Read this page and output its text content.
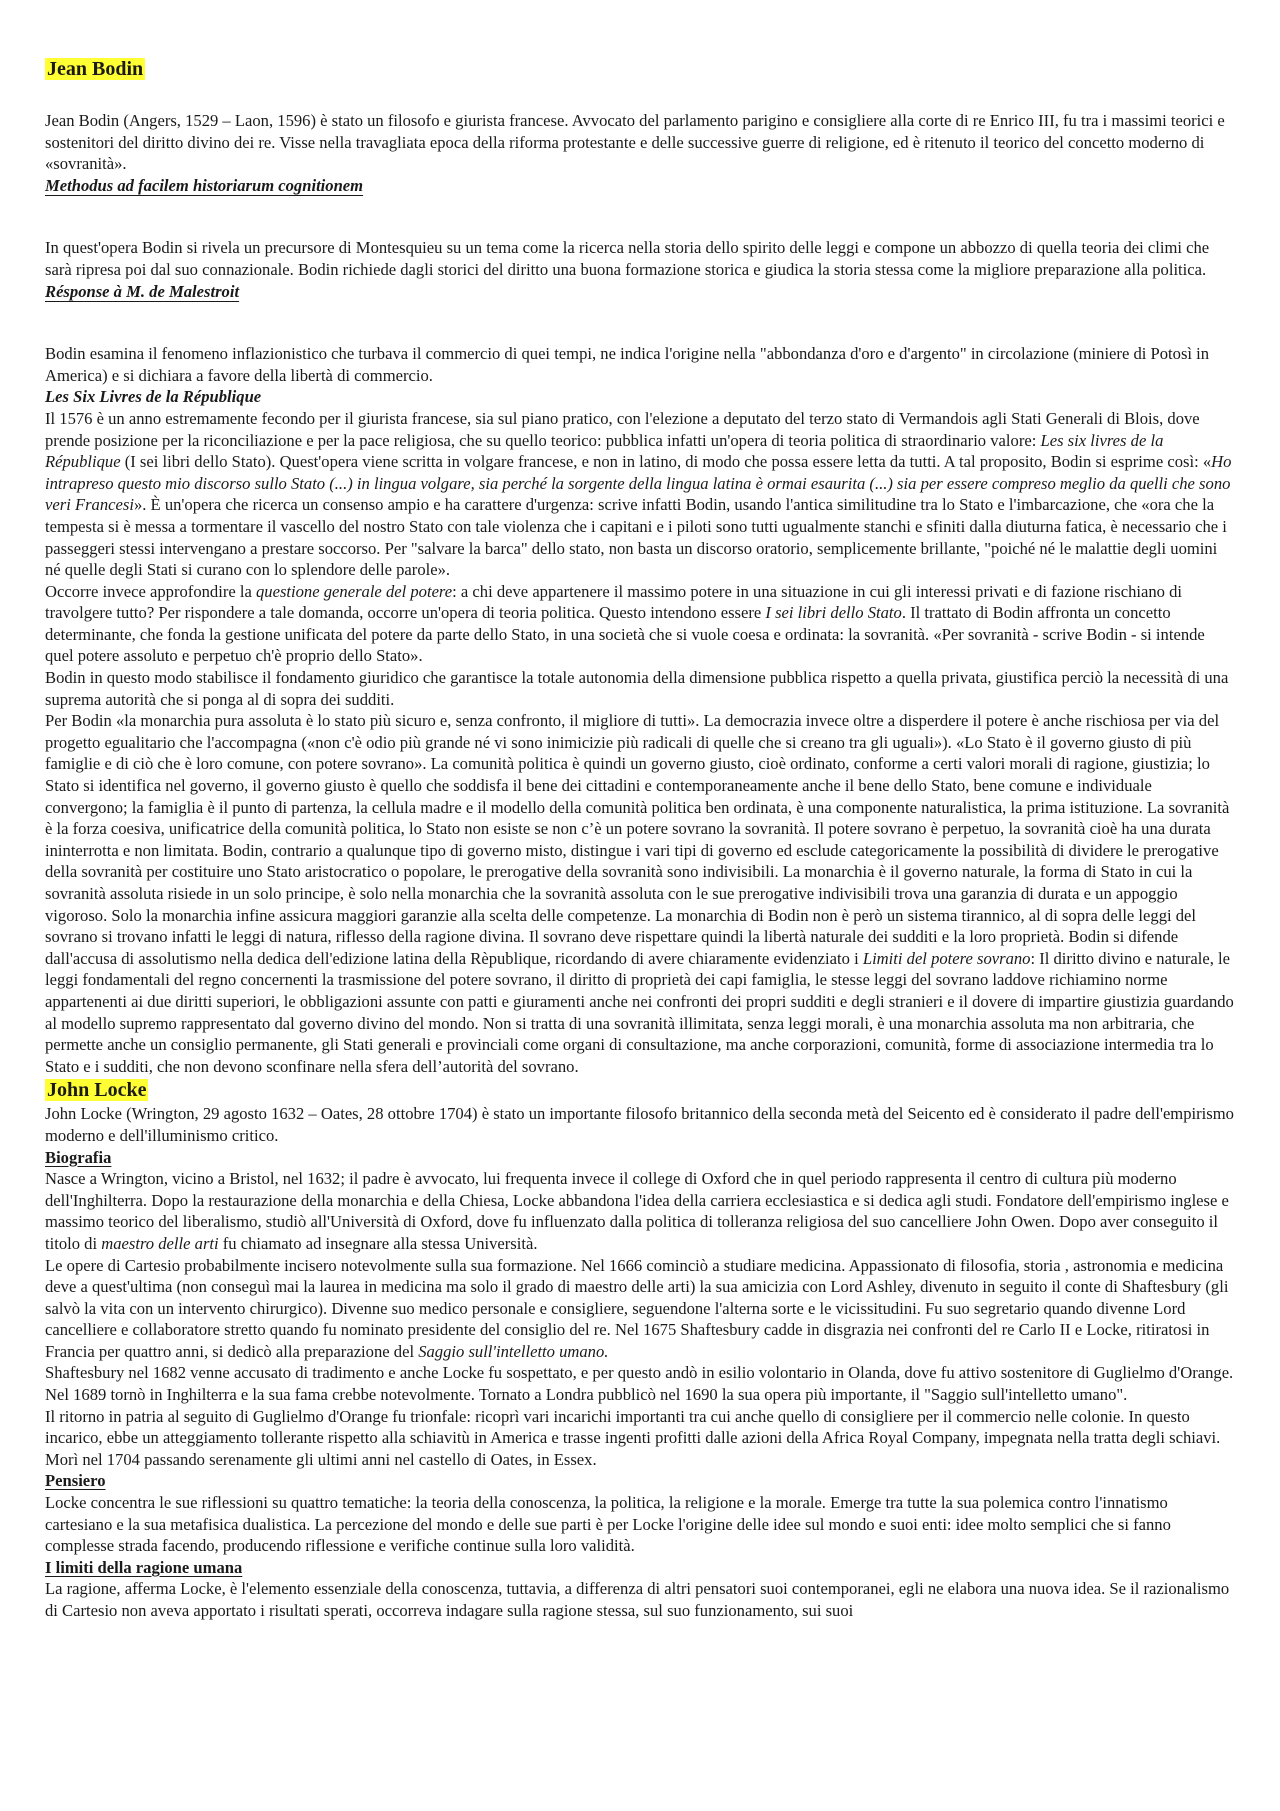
Jean Bodin

Jean Bodin (Angers, 1529 – Laon, 1596) è stato un filosofo e giurista francese. Avvocato del parlamento parigino e consigliere alla corte di re Enrico III, fu tra i massimi teorici e sostenitori del diritto divino dei re. Visse nella travagliata epoca della riforma protestante e delle successive guerre di religione, ed è ritenuto il teorico del concetto moderno di «sovranità».

Methodus ad facilem historiarum cognitionem

In quest'opera Bodin si rivela un precursore di Montesquieu su un tema come la ricerca nella storia dello spirito delle leggi e compone un abbozzo di quella teoria dei climi che sarà ripresa poi dal suo connazionale. Bodin richiede dagli storici del diritto una buona formazione storica e giudica la storia stessa come la migliore preparazione alla politica.

Résponse à M. de Malestroit

Bodin esamina il fenomeno inflazionistico che turbava il commercio di quei tempi, ne indica l'origine nella "abbondanza d'oro e d'argento" in circolazione (miniere di Potosì in America) e si dichiara a favore della libertà di commercio.

Les Six Livres de la République

Il 1576 è un anno estremamente fecondo per il giurista francese, sia sul piano pratico, con l'elezione a deputato del terzo stato di Vermandois agli Stati Generali di Blois, dove prende posizione per la riconciliazione e per la pace religiosa, che su quello teorico: pubblica infatti un'opera di teoria politica di straordinario valore: Les six livres de la République (I sei libri dello Stato). Quest'opera viene scritta in volgare francese, e non in latino, di modo che possa essere letta da tutti. A tal proposito, Bodin si esprime così: «Ho intrapreso questo mio discorso sullo Stato (...) in lingua volgare, sia perché la sorgente della lingua latina è ormai esaurita (...) sia per essere compreso meglio da quelli che sono veri Francesi». È un'opera che ricerca un consenso ampio e ha carattere d'urgenza: scrive infatti Bodin, usando l'antica similitudine tra lo Stato e l'imbarcazione, che «ora che la tempesta si è messa a tormentare il vascello del nostro Stato con tale violenza che i capitani e i piloti sono tutti ugualmente stanchi e sfiniti dalla diuturna fatica, è necessario che i passeggeri stessi intervengano a prestare soccorso. Per "salvare la barca" dello stato, non basta un discorso oratorio, semplicemente brillante, "poiché né le malattie degli uomini né quelle degli Stati si curano con lo splendore delle parole».

Occorre invece approfondire la questione generale del potere: a chi deve appartenere il massimo potere in una situazione in cui gli interessi privati e di fazione rischiano di travolgere tutto? Per rispondere a tale domanda, occorre un'opera di teoria politica. Questo intendono essere I sei libri dello Stato. Il trattato di Bodin affronta un concetto determinante, che fonda la gestione unificata del potere da parte dello Stato, in una società che si vuole coesa e ordinata: la sovranità. «Per sovranità - scrive Bodin - si intende quel potere assoluto e perpetuo ch'è proprio dello Stato».

Bodin in questo modo stabilisce il fondamento giuridico che garantisce la totale autonomia della dimensione pubblica rispetto a quella privata, giustifica perciò la necessità di una suprema autorità che si ponga al di sopra dei sudditi.

Per Bodin «la monarchia pura assoluta è lo stato più sicuro e, senza confronto, il migliore di tutti». La democrazia invece oltre a disperdere il potere è anche rischiosa per via del progetto egualitario che l'accompagna («non c'è odio più grande né vi sono inimicizie più radicali di quelle che si creano tra gli uguali»). «Lo Stato è il governo giusto di più famiglie e di ciò che è loro comune, con potere sovrano». La comunità politica è quindi un governo giusto, cioè ordinato, conforme a certi valori morali di ragione, giustizia; lo Stato si identifica nel governo, il governo giusto è quello che soddisfa il bene dei cittadini e contemporaneamente anche il bene dello Stato, bene comune e individuale convergono; la famiglia è il punto di partenza, la cellula madre e il modello della comunità politica ben ordinata, è una componente naturalistica, la prima istituzione. La sovranità è la forza coesiva, unificatrice della comunità politica, lo Stato non esiste se non c’è un potere sovrano la sovranità. Il potere sovrano è perpetuo, la sovranità cioè ha una durata ininterrotta e non limitata. Bodin, contrario a qualunque tipo di governo misto, distingue i vari tipi di governo ed esclude categoricamente la possibilità di dividere le prerogative della sovranità per costituire uno Stato aristocratico o popolare, le prerogative della sovranità sono indivisibili. La monarchia è il governo naturale, la forma di Stato in cui la sovranità assoluta risiede in un solo principe, è solo nella monarchia che la sovranità assoluta con le sue prerogative indivisibili trova una garanzia di durata e un appoggio vigoroso. Solo la monarchia infine assicura maggiori garanzie alla scelta delle competenze. La monarchia di Bodin non è però un sistema tirannico, al di sopra delle leggi del sovrano si trovano infatti le leggi di natura, riflesso della ragione divina. Il sovrano deve rispettare quindi la libertà naturale dei sudditi e la loro proprietà. Bodin si difende dall'accusa di assolutismo nella dedica dell'edizione latina della Rèpublique, ricordando di avere chiaramente evidenziato i Limiti del potere sovrano: Il diritto divino e naturale, le leggi fondamentali del regno concernenti la trasmissione del potere sovrano, il diritto di proprietà dei capi famiglia, le stesse leggi del sovrano laddove richiamino norme appartenenti ai due diritti superiori, le obbligazioni assunte con patti e giuramenti anche nei confronti dei propri sudditi e degli stranieri e il dovere di impartire giustizia guardando al modello supremo rappresentato dal governo divino del mondo. Non si tratta di una sovranità illimitata, senza leggi morali, è una monarchia assoluta ma non arbitraria, che permette anche un consiglio permanente, gli Stati generali e provinciali come organi di consultazione, ma anche corporazioni, comunità, forme di associazione intermedia tra lo Stato e i sudditi, che non devono sconfinare nella sfera dell’autorità del sovrano.

John Locke

John Locke (Wrington, 29 agosto 1632 – Oates, 28 ottobre 1704) è stato un importante filosofo britannico della seconda metà del Seicento ed è considerato il padre dell'empirismo moderno e dell'illuminismo critico.

Biografia

Nasce a Wrington, vicino a Bristol, nel 1632; il padre è avvocato, lui frequenta invece il college di Oxford che in quel periodo rappresenta il centro di cultura più moderno dell'Inghilterra. Dopo la restaurazione della monarchia e della Chiesa, Locke abbandona l'idea della carriera ecclesiastica e si dedica agli studi. Fondatore dell'empirismo inglese e massimo teorico del liberalismo, studiò all'Università di Oxford, dove fu influenzato dalla politica di tolleranza religiosa del suo cancelliere John Owen. Dopo aver conseguito il titolo di maestro delle arti fu chiamato ad insegnare alla stessa Università.

Le opere di Cartesio probabilmente incisero notevolmente sulla sua formazione. Nel 1666 cominciò a studiare medicina. Appassionato di filosofia, storia , astronomia e medicina deve a quest'ultima (non conseguì mai la laurea in medicina ma solo il grado di maestro delle arti) la sua amicizia con Lord Ashley, divenuto in seguito il conte di Shaftesbury (gli salvò la vita con un intervento chirurgico). Divenne suo medico personale e consigliere, seguendone l'alterna sorte e le vicissitudini. Fu suo segretario quando divenne Lord cancelliere e collaboratore stretto quando fu nominato presidente del consiglio del re. Nel 1675 Shaftesbury cadde in disgrazia nei confronti del re Carlo II e Locke, ritiratosi in Francia per quattro anni, si dedicò alla preparazione del Saggio sull'intelletto umano.

Shaftesbury nel 1682 venne accusato di tradimento e anche Locke fu sospettato, e per questo andò in esilio volontario in Olanda, dove fu attivo sostenitore di Guglielmo d'Orange. Nel 1689 tornò in Inghilterra e la sua fama crebbe notevolmente. Tornato a Londra pubblicò nel 1690 la sua opera più importante, il "Saggio sull'intelletto umano".

Il ritorno in patria al seguito di Guglielmo d'Orange fu trionfale: ricoprì vari incarichi importanti tra cui anche quello di consigliere per il commercio nelle colonie. In questo incarico, ebbe un atteggiamento tollerante rispetto alla schiavitù in America e trasse ingenti profitti dalle azioni della Africa Royal Company, impegnata nella tratta degli schiavi. Morì nel 1704 passando serenamente gli ultimi anni nel castello di Oates, in Essex.

Pensiero

Locke concentra le sue riflessioni su quattro tematiche: la teoria della conoscenza, la politica, la religione e la morale. Emerge tra tutte la sua polemica contro l'innatismo cartesiano e la sua metafisica dualistica. La percezione del mondo e delle sue parti è per Locke l'origine delle idee sul mondo e suoi enti: idee molto semplici che si fanno complesse strada facendo, producendo riflessione e verifiche continue sulla loro validità.

I limiti della ragione umana

La ragione, afferma Locke, è l'elemento essenziale della conoscenza, tuttavia, a differenza di altri pensatori suoi contemporanei, egli ne elabora una nuova idea. Se il razionalismo di Cartesio non aveva apportato i risultati sperati, occorreva indagare sulla ragione stessa, sul suo funzionamento, sui suoi
